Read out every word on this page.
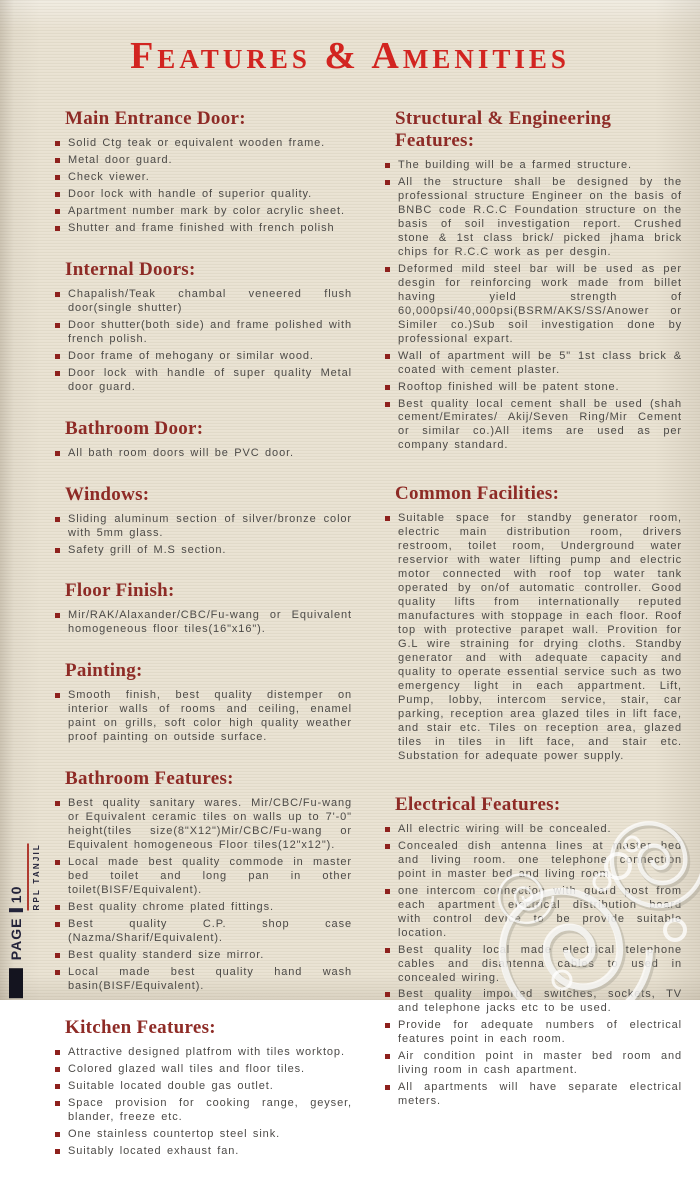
Features & Amenities
Main Entrance Door:
Solid Ctg teak or equivalent wooden frame.
Metal door guard.
Check viewer.
Door lock with handle of superior quality.
Apartment number mark by color acrylic sheet.
Shutter and frame finished with french polish
Internal Doors:
Chapalish/Teak chambal veneered flush door(single shutter)
Door shutter(both side) and frame polished with french polish.
Door frame of mehogany or similar wood.
Door lock with handle of super quality Metal door guard.
Bathroom Door:
All bath room doors will be PVC door.
Windows:
Sliding aluminum section of silver/bronze color with 5mm glass.
Safety grill of M.S section.
Floor Finish:
Mir/RAK/Alaxander/CBC/Fu-wang or Equivalent homogeneous floor tiles(16"x16").
Painting:
Smooth finish, best quality distemper on interior walls of rooms and ceiling, enamel paint on grills, soft color high quality weather proof painting on outside surface.
Bathroom Features:
Best quality sanitary wares. Mir/CBC/Fu-wang or Equivalent ceramic tiles on walls up to 7'-0" height(tiles size(8"X12")Mir/CBC/Fu-wang or Equivalent homogeneous Floor tiles(12"x12").
Local made best quality commode in master bed toilet and long pan in other toilet(BISF/Equivalent).
Best quality chrome plated fittings.
Best quality C.P. shop case (Nazma/Sharif/Equivalent).
Best quality standerd size mirror.
Local made best quality hand wash basin(BISF/Equivalent).
Kitchen Features:
Attractive designed platfrom with tiles worktop.
Colored glazed wall tiles and floor tiles.
Suitable located double gas outlet.
Space provision for cooking range, geyser, blander, freeze etc.
One stainless countertop steel sink.
Suitably located exhaust fan.
Structural & Engineering Features:
The building will be a farmed structure.
All the structure shall be designed by the professional structure Engineer on the basis of BNBC code R.C.C Foundation structure on the basis of soil investigation report. Crushed stone & 1st class brick/ picked jhama brick chips for R.C.C work as per desgin.
Deformed mild steel bar will be used as per desgin for reinforcing work made from billet having yield strength of 60,000psi/40,000psi(BSRM/AKS/SS/Anower or Similer co.)Sub soil investigation done by professional expart.
Wall of apartment will be 5" 1st class brick & coated with cement plaster.
Rooftop finished will be patent stone.
Best quality local cement shall be used (shah cement/Emirates/ Akij/Seven Ring/Mir Cement or similar co.)All items are used as per company standard.
Common Facilities:
Suitable space for standby generator room, electric main distribution room, drivers restroom, toilet room, Underground water reservior with water lifting pump and electric motor connected with roof top water tank operated by on/of automatic controller. Good quality lifts from internationally reputed manufactures with stoppage in each floor. Roof top with protective parapet wall. Provition for G.L wire straining for drying cloths. Standby generator and with adequate capacity and quality to operate essential service such as two emergency light in each appartment. Lift, Pump, lobby, intercom service, stair, car parking, reception area glazed tiles in lift face, and stair etc. Tiles on reception area, glazed tiles in tiles in lift face, and stair etc. Substation for adequate power supply.
Electrical Features:
All electric wiring will be concealed.
Concealed dish antenna lines at master bed and living room. one telephone connection point in master bed and living room.
one intercom connection with guard post from each apartment electrical distribution board with control device to be provide suitable location.
Best quality local made electrical telephone cables and disantenna cables to used in concealed wiring.
Best quality imported switches, sockets, TV and telephone jacks etc to be used.
Provide for adequate numbers of electrical features point in each room.
Air condition point in master bed room and living room in cash apartment.
All apartments will have separate electrical meters.
PAGE
10 RPL TANJIL
